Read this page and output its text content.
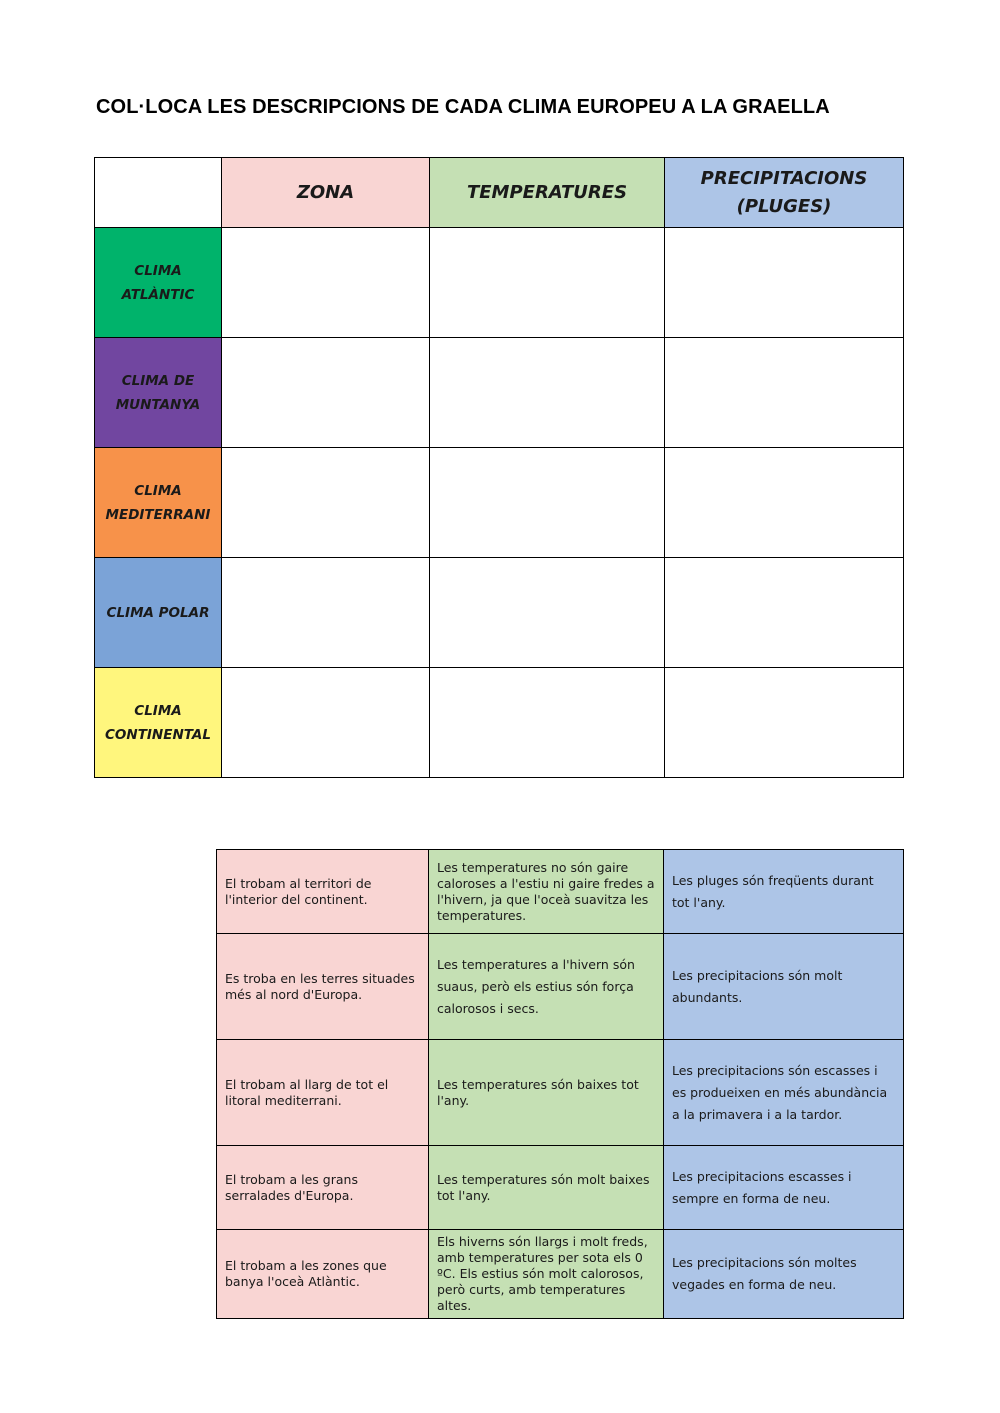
COL·LOCA LES DESCRIPCIONS DE CADA CLIMA EUROPEU A LA GRAELLA
	ZONA	TEMPERATURES	PRECIPITACIONS
(PLUGES)

CLIMA
ATLÀNTIC			

CLIMA DE
MUNTANYA			

CLIMA
MEDITERRANI			

CLIMA POLAR			

CLIMA
CONTINENTAL			

El trobam al territori de l'interior del continent.	Les temperatures no són gaire caloroses a l'estiu ni gaire fredes a l'hivern, ja que l'oceà suavitza les temperatures.	Les pluges són freqüents durant tot l'any.
Es troba en les terres situades més al nord d'Europa.	Les temperatures a l'hivern són suaus, però els estius són força calorosos i secs.	Les precipitacions són molt abundants.
El trobam al llarg de tot el litoral mediterrani.	Les temperatures són baixes tot l'any.	Les precipitacions són escasses i es produeixen en més abundància a la primavera i a la tardor.
El trobam a les grans serralades d'Europa.	Les temperatures són molt baixes tot l'any.	Les precipitacions escasses i sempre en forma de neu.
El trobam a les zones que banya l'oceà Atlàntic.	Els hiverns són llargs i molt freds, amb temperatures per sota els 0 ºC. Els estius són molt calorosos, però curts, amb temperatures altes.	Les precipitacions són moltes vegades en forma de neu.
